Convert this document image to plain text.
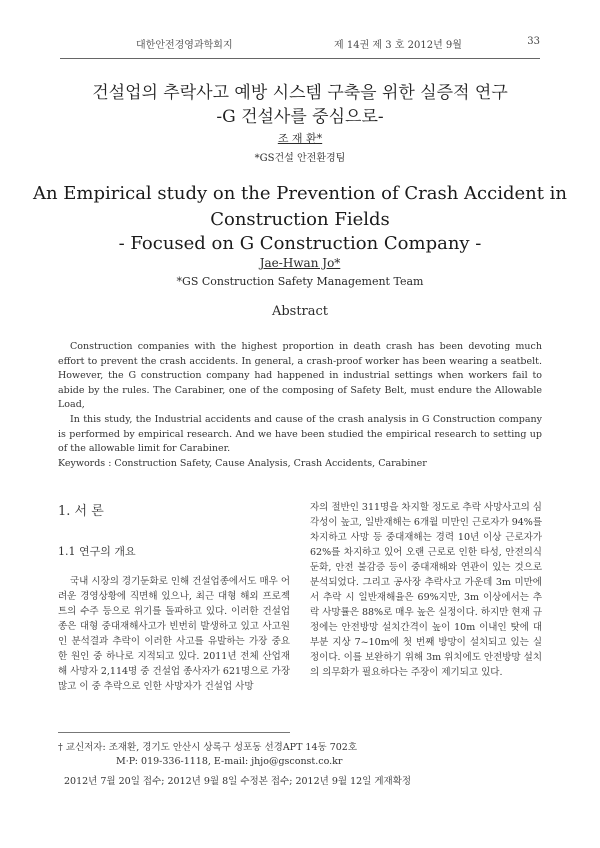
대한안전경영과학회지	제 14권 제 3 호 2012년 9월	33
건설업의 추락사고 예방 시스템 구축을 위한 실증적 연구
-G 건설사를 중심으로-
조 재 환*
*GS건설 안전환경팀
An Empirical study on the Prevention of Crash Accident in
Construction Fields
- Focused on G Construction Company -
Jae-Hwan Jo*
*GS Construction Safety Management Team
Abstract

Construction companies with the highest proportion in death crash has been devoting much effort to prevent the crash accidents. In general, a crash-proof worker has been wearing a seatbelt. However, the G construction company had happened in industrial settings when workers fail to abide by the rules. The Carabiner, one of the composing of Safety Belt, must endure the Allowable Load,

In this study, the Industrial accidents and cause of the crash analysis in G Construction company is performed by empirical research. And we have been studied the empirical research to setting up of the allowable limit for Carabiner.

Keywords : Construction Safety, Cause Analysis, Crash Accidents, Carabiner

1. 서 론
1.1 연구의 개요

국내 시장의 경기둔화로 인해 건설업종에서도 매우 어려운 경영상황에 직면해 있으나, 최근 대형 해외 프로젝트의 수주 등으로 위기를 돌파하고 있다. 이러한 건설업종은 대형 중대재해사고가 빈번히 발생하고 있고 사고원인 분석결과 추락이 이러한 사고를 유발하는 가장 중요한 원인 중 하나로 지적되고 있다. 2011년 전체 산업재해 사망자 2,114명 중 건설업 종사자가 621명으로 가장 많고 이 중 추락으로 인한 사망자가 건설업 사망

자의 절반인 311명을 차지할 정도로 추락 사망사고의 심각성이 높고, 일반재해는 6개월 미만인 근로자가 94%를 차지하고 사망 등 중대재해는 경력 10년 이상 근로자가 62%를 차지하고 있어 오랜 근로로 인한 타성, 안전의식 둔화, 안전 불감증 등이 중대재해와 연관이 있는 것으로 분석되었다. 그리고 공사장 추락사고 가운데 3m 미만에서 추락 시 일반재해율은 69%지만, 3m 이상에서는 추락 사망률은 88%로 매우 높은 실정이다. 하지만 현재 규정에는 안전방망 설치간격이 높이 10m 이내인 탓에 대부분 지상 7~10m에 첫 번째 방망이 설치되고 있는 실정이다. 이를 보완하기 위해 3m 위치에도 안전방망 설치의 의무화가 필요하다는 주장이 제기되고 있다.

† 교신저자: 조재환, 경기도 안산시 상록구 성포동 선경APT 14동 702호
M·P: 019-336-1118, E-mail: jhjo@gsconst.co.kr
2012년 7월 20일 접수; 2012년 9월 8일 수정본 접수; 2012년 9월 12일 게재확정
